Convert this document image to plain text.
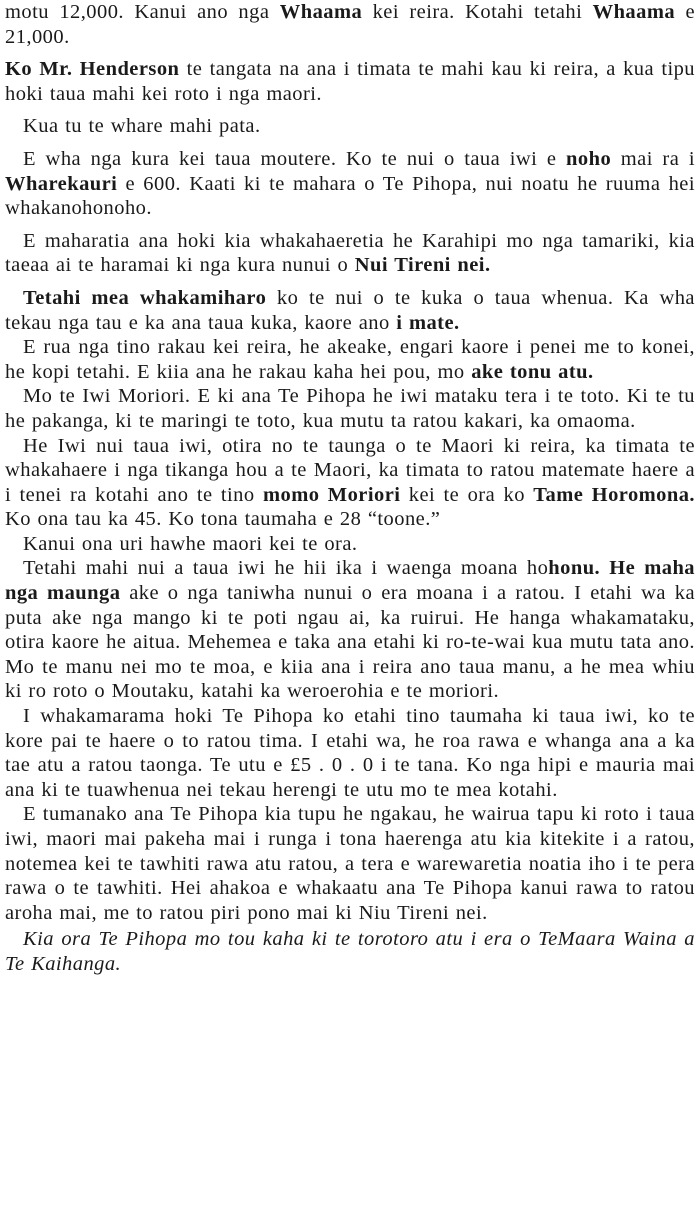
motu 12,000. Kanui ano nga Whaama kei reira. Kotahi tetahi Whaama e 21,000.

Ko Mr. Henderson te tangata na ana i timata te mahi kau ki reira, a kua tipu hoki taua mahi kei roto i nga maori.

Kua tu te whare mahi pata.

E wha nga kura kei taua moutere. Ko te nui o taua iwi e noho mai ra i Wharekauri e 600. Kaati ki te mahara o Te Pihopa, nui noatu he ruuma hei whakanohonoho.

E maharatia ana hoki kia whakahaeretia he Karahipi mo nga tamariki, kia taeaa ai te haramai ki nga kura nunui o Nui Tireni nei.

Tetahi mea whakamiharo ko te nui o te kuka o taua whenua. Ka wha tekau nga tau e ka ana taua kuka, kaore ano i mate.

E rua nga tino rakau kei reira, he akeake, engari kaore i penei me to konei, he kopi tetahi. E kiia ana he rakau kaha hei pou, mo ake tonu atu.

Mo te Iwi Moriori. E ki ana Te Pihopa he iwi mataku tera i te toto. Ki te tu he pakanga, ki te maringi te toto, kua mutu ta ratou kakari, ka omaoma.

He Iwi nui taua iwi, otira no te taunga o te Maori ki reira, ka timata te whakahaere i nga tikanga hou a te Maori, ka timata to ratou matemate haere a i tenei ra kotahi ano te tino momo Moriori kei te ora ko Tame Horomona. Ko ona tau ka 45. Ko tona taumaha e 28 “toone.”

Kanui ona uri hawhe maori kei te ora.

Tetahi mahi nui a taua iwi he hii ika i waenga moana hohonu. He maha nga maunga ake o nga taniwha nunui o era moana i a ratou. I etahi wa ka puta ake nga mango ki te poti ngau ai, ka ruirui. He hanga whakamataku, otira kaore he aitua. Mehemea e taka ana etahi ki ro-te-wai kua mutu tata ano. Mo te manu nei mo te moa, e kiia ana i reira ano taua manu, a he mea whiu ki ro roto o Moutaku, katahi ka weroerohia e te moriori.

I whakamarama hoki Te Pihopa ko etahi tino taumaha ki taua iwi, ko te kore pai te haere o to ratou tima. I etahi wa, he roa rawa e whanga ana a ka tae atu a ratou taonga. Te utu e £5 . 0 . 0 i te tana. Ko nga hipi e mauria mai ana ki te tuawhenua nei tekau herengi te utu mo te mea kotahi.

E tumanako ana Te Pihopa kia tupu he ngakau, he wairua tapu ki roto i taua iwi, maori mai pakeha mai i runga i tona haerenga atu kia kitekite i a ratou, notemea kei te tawhiti rawa atu ratou, a tera e warewaretia noatia iho i te pera rawa o te tawhiti. Hei ahakoa e whakaatu ana Te Pihopa kanui rawa to ratou aroha mai, me to ratou piri pono mai ki Niu Tireni nei.

Kia ora Te Pihopa mo tou kaha ki te torotoro atu i era o TeMaara Waina a Te Kaihanga.
